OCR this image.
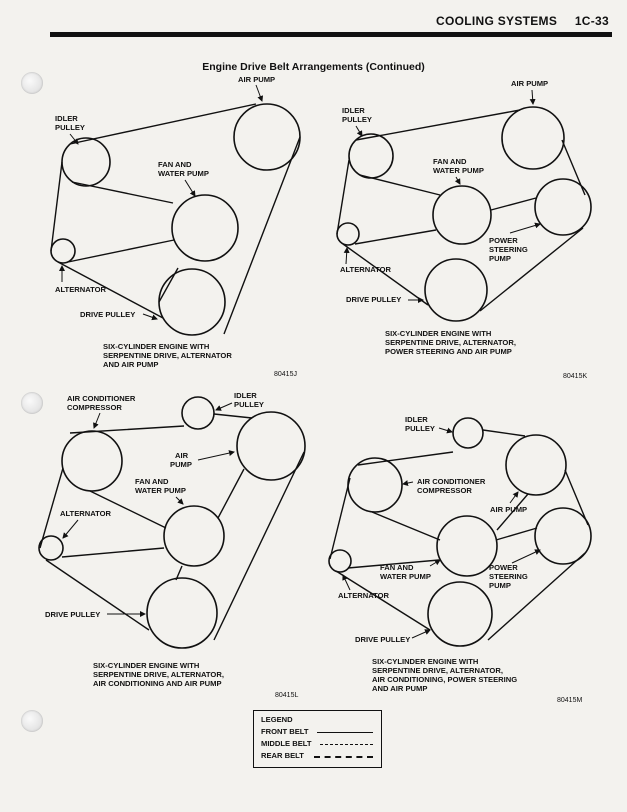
COOLING SYSTEMS 1C-33
Engine Drive Belt Arrangements (Continued)
IDLER
PULLEY
AIR PUMP
FAN AND
WATER PUMP
ALTERNATOR
DRIVE PULLEY
SIX-CYLINDER ENGINE WITH
SERPENTINE DRIVE, ALTERNATOR
AND AIR PUMP
80415J
IDLER
PULLEY
AIR PUMP
FAN AND
WATER PUMP
POWER
STEERING
PUMP
ALTERNATOR
DRIVE PULLEY
SIX-CYLINDER ENGINE WITH
SERPENTINE DRIVE, ALTERNATOR,
POWER STEERING AND AIR PUMP
80415K
AIR CONDITIONER
COMPRESSOR
IDLER
PULLEY
AIR
PUMP
FAN AND
WATER PUMP
ALTERNATOR
DRIVE PULLEY
SIX-CYLINDER ENGINE WITH
SERPENTINE DRIVE, ALTERNATOR,
AIR CONDITIONING AND AIR PUMP
80415L
IDLER
PULLEY
AIR CONDITIONER
COMPRESSOR
AIR PUMP
FAN AND
WATER PUMP
POWER
STEERING
PUMP
ALTERNATOR
DRIVE PULLEY
SIX-CYLINDER ENGINE WITH
SERPENTINE DRIVE, ALTERNATOR,
AIR CONDITIONING, POWER STEERING
AND AIR PUMP
80415M
LEGEND
FRONT BELT
MIDDLE BELT
REAR BELT
